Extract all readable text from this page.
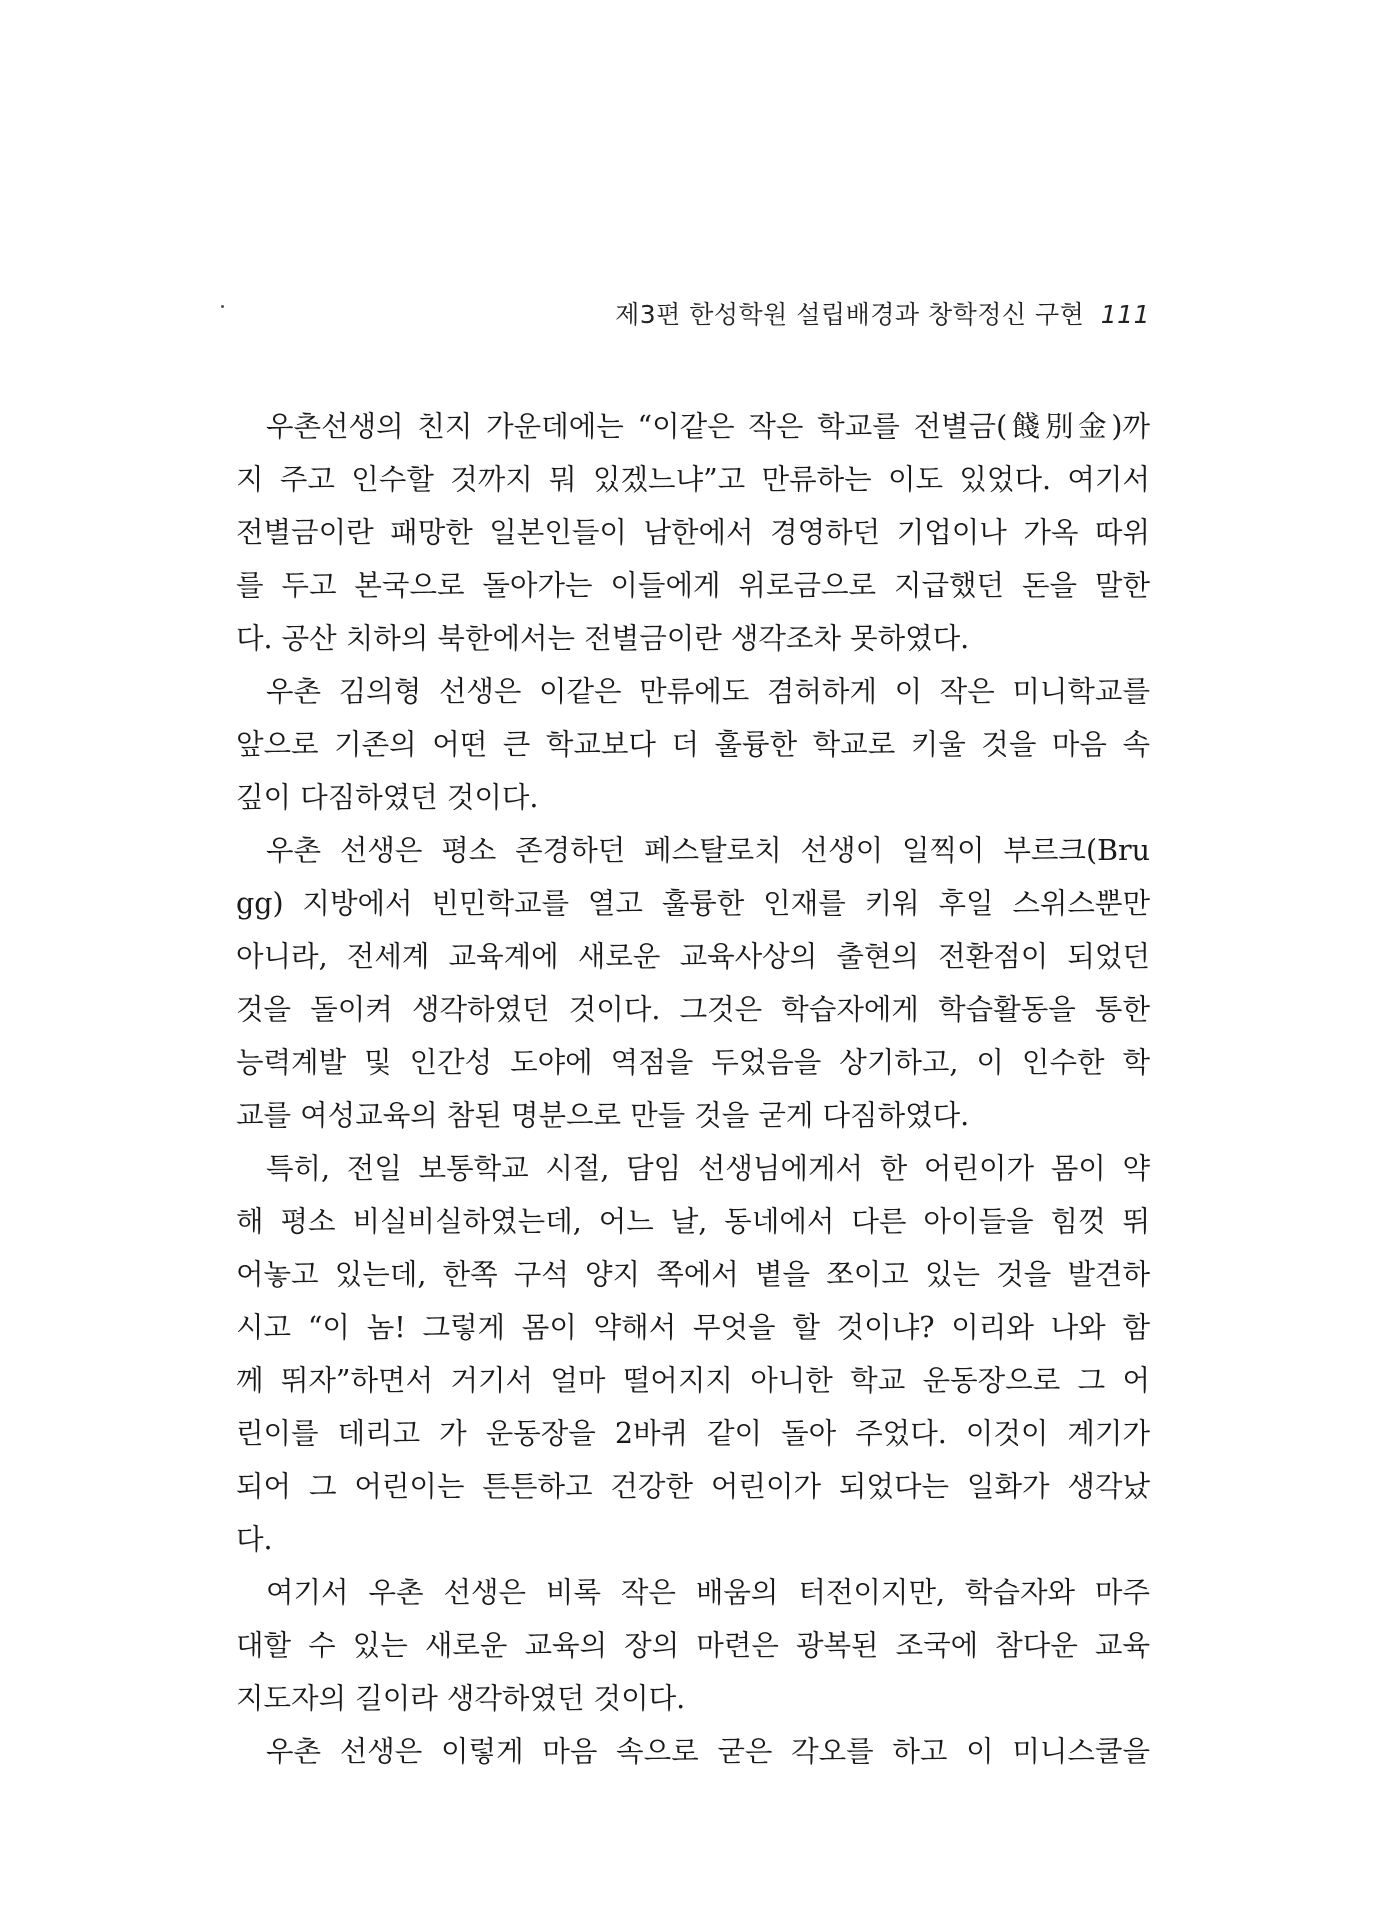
제3편 한성학원 설립배경과 창학정신 구현 111
우촌선생의 친지 가운데에는 “이같은 작은 학교를 전별금(餞別金)까
지 주고 인수할 것까지 뭐 있겠느냐”고 만류하는 이도 있었다. 여기서
전별금이란 패망한 일본인들이 남한에서 경영하던 기업이나 가옥 따위
를 두고 본국으로 돌아가는 이들에게 위로금으로 지급했던 돈을 말한
다. 공산 치하의 북한에서는 전별금이란 생각조차 못하였다.
우촌 김의형 선생은 이같은 만류에도 겸허하게 이 작은 미니학교를
앞으로 기존의 어떤 큰 학교보다 더 훌륭한 학교로 키울 것을 마음 속
깊이 다짐하였던 것이다.
우촌 선생은 평소 존경하던 페스탈로치 선생이 일찍이 부르크(Bru
gg) 지방에서 빈민학교를 열고 훌륭한 인재를 키워 후일 스위스뿐만
아니라, 전세계 교육계에 새로운 교육사상의 출현의 전환점이 되었던
것을 돌이켜 생각하였던 것이다. 그것은 학습자에게 학습활동을 통한
능력계발 및 인간성 도야에 역점을 두었음을 상기하고, 이 인수한 학
교를 여성교육의 참된 명분으로 만들 것을 굳게 다짐하였다.
특히, 전일 보통학교 시절, 담임 선생님에게서 한 어린이가 몸이 약
해 평소 비실비실하였는데, 어느 날, 동네에서 다른 아이들을 힘껏 뛰
어놓고 있는데, 한쪽 구석 양지 쪽에서 볕을 쪼이고 있는 것을 발견하
시고 “이 놈! 그렇게 몸이 약해서 무엇을 할 것이냐? 이리와 나와 함
께 뛰자”하면서 거기서 얼마 떨어지지 아니한 학교 운동장으로 그 어
린이를 데리고 가 운동장을 2바퀴 같이 돌아 주었다. 이것이 계기가
되어 그 어린이는 튼튼하고 건강한 어린이가 되었다는 일화가 생각났
다.
여기서 우촌 선생은 비록 작은 배움의 터전이지만, 학습자와 마주
대할 수 있는 새로운 교육의 장의 마련은 광복된 조국에 참다운 교육
지도자의 길이라 생각하였던 것이다.
우촌 선생은 이렇게 마음 속으로 굳은 각오를 하고 이 미니스쿨을
